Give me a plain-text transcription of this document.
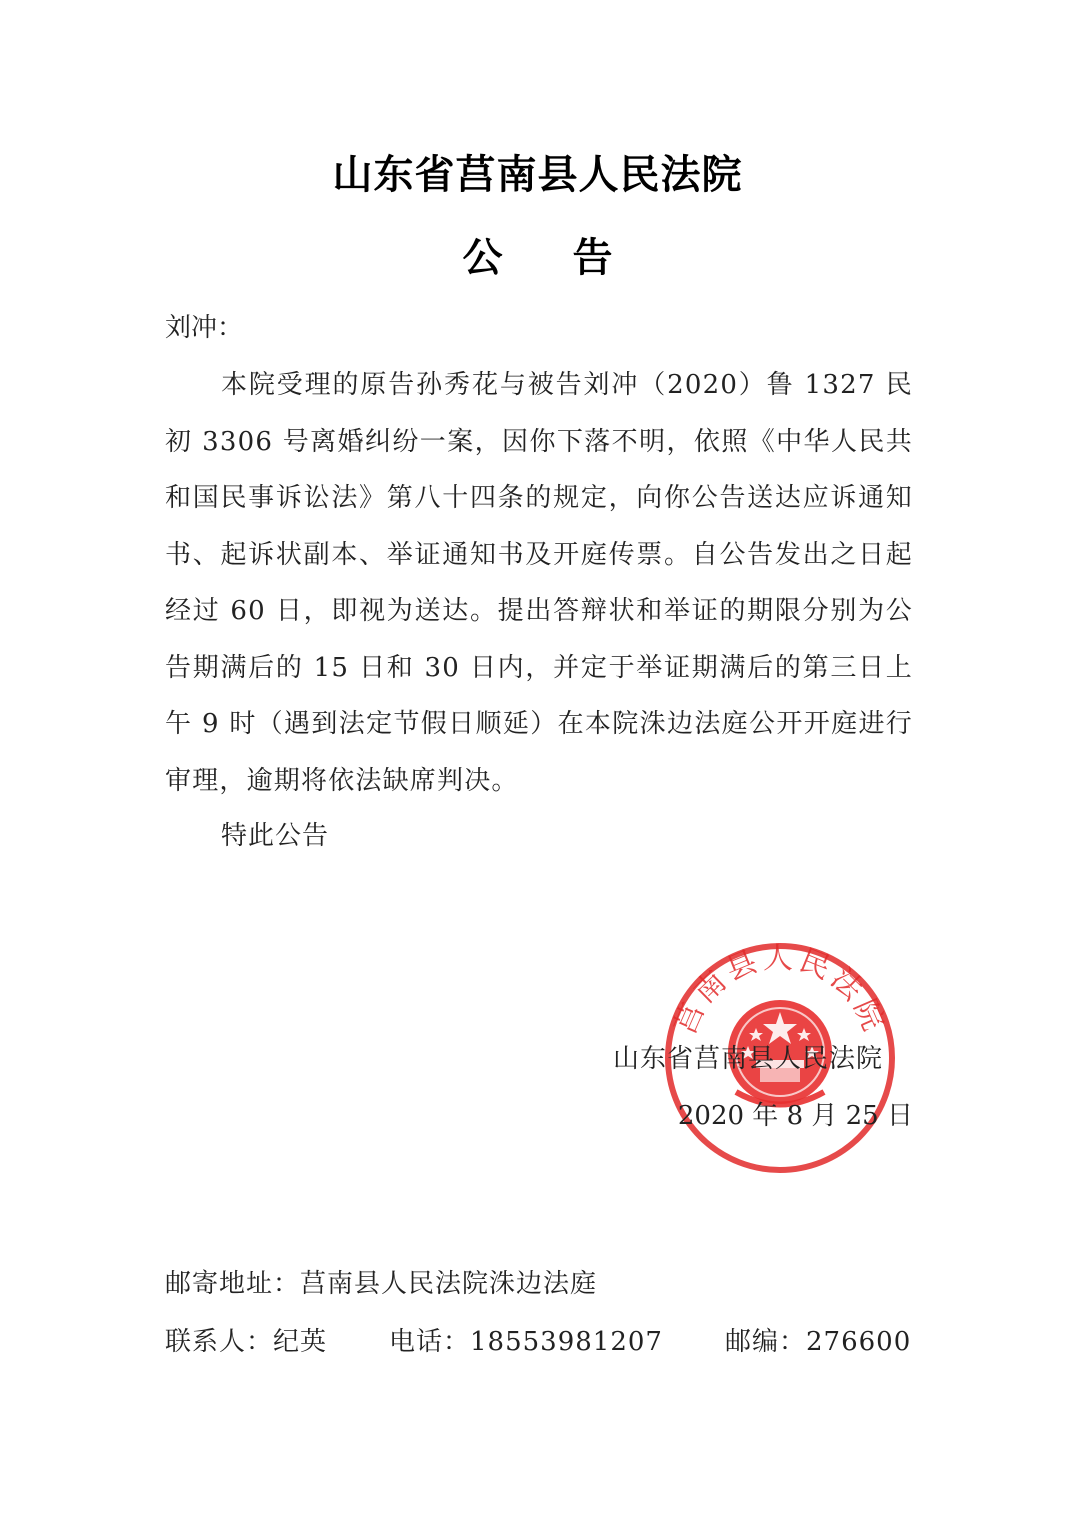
山东省莒南县人民法院
公 告
刘冲：
本院受理的原告孙秀花与被告刘冲（2020）鲁 1327 民初 3306 号离婚纠纷一案，因你下落不明，依照《中华人民共和国民事诉讼法》第八十四条的规定，向你公告送达应诉通知书、起诉状副本、举证通知书及开庭传票。自公告发出之日起经过 60 日，即视为送达。提出答辩状和举证的期限分别为公告期满后的 15 日和 30 日内，并定于举证期满后的第三日上午 9 时（遇到法定节假日顺延）在本院洙边法庭公开开庭进行审理，逾期将依法缺席判决。
特此公告
莒南县人民法院
山东省莒南县人民法院
2020 年 8 月 25 日
邮寄地址：莒南县人民法院洙边法庭
联系人：纪英 电话：18553981207 邮编：276600
